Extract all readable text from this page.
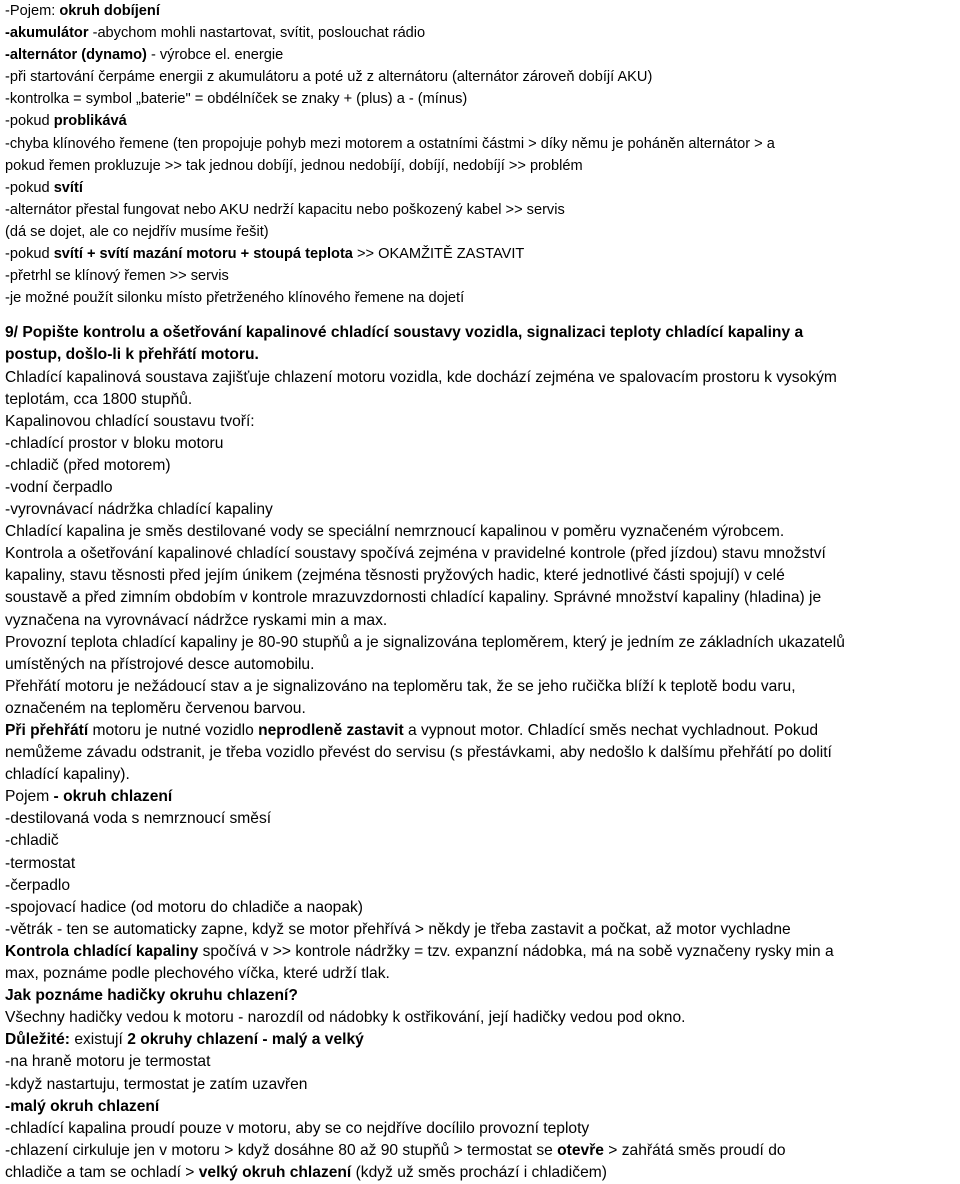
-Pojem: okruh dobíjení
-akumulátor -abychom mohli nastartovat, svítit, poslouchat rádio
-alternátor (dynamo) - výrobce el. energie
-při startování čerpáme energii z akumulátoru a poté už z alternátoru (alternátor zároveň dobíjí AKU)
-kontrolka = symbol „baterie" = obdélníček se znaky + (plus) a - (mínus)
-pokud problikává
-chyba klínového řemene (ten propojuje pohyb mezi motorem a ostatními částmi > díky němu je poháněn alternátor > a
pokud řemen prokluzuje >> tak jednou dobíjí, jednou nedobíjí, dobíjí, nedobíjí >> problém
-pokud svítí
-alternátor přestal fungovat nebo AKU nedrží kapacitu nebo poškozený kabel >> servis
(dá se dojet, ale co nejdřív musíme řešit)
-pokud svítí + svítí mazání motoru + stoupá teplota >> OKAMŽITĚ ZASTAVIT
-přetrhl se klínový řemen >> servis
-je možné použít silonku místo přetrženého klínového řemene na dojetí
9/ Popište kontrolu a ošetřování kapalinové chladící soustavy vozidla, signalizaci teploty chladící kapaliny a
postup, došlo-li k přehřátí motoru.
Chladící kapalinová soustava zajišťuje chlazení motoru vozidla, kde dochází zejména ve spalovacím prostoru k vysokým
teplotám, cca 1800 stupňů.
Kapalinovou chladící soustavu tvoří:
-chladící prostor v bloku motoru
-chladič (před motorem)
-vodní čerpadlo
-vyrovnávací nádržka chladící kapaliny
Chladící kapalina je směs destilované vody se speciální nemrznoucí kapalinou v poměru vyznačeném výrobcem.
Kontrola a ošetřování kapalinové chladící soustavy spočívá zejména v pravidelné kontrole (před jízdou) stavu množství
kapaliny, stavu těsnosti před jejím únikem (zejména těsnosti pryžových hadic, které jednotlivé části spojují) v celé
soustavě a před zimním obdobím v kontrole mrazuvzdornosti chladící kapaliny. Správné množství kapaliny (hladina) je
vyznačena na vyrovnávací nádržce ryskami min a max.
Provozní teplota chladící kapaliny je 80-90 stupňů a je signalizována teploměrem, který je jedním ze základních ukazatelů
umístěných na přístrojové desce automobilu.
Přehřátí motoru je nežádoucí stav a je signalizováno na teploměru tak, že se jeho ručička blíží k teplotě bodu varu,
označeném na teploměru červenou barvou.
Při přehřátí motoru je nutné vozidlo neprodleně zastavit a vypnout motor. Chladící směs nechat vychladnout. Pokud
nemůžeme závadu odstranit, je třeba vozidlo převést do servisu (s přestávkami, aby nedošlo k dalšímu přehřátí po dolití
chladící kapaliny).
Pojem - okruh chlazení
-destilovaná voda s nemrznoucí směsí
-chladič
-termostat
-čerpadlo
-spojovací hadice (od motoru do chladiče a naopak)
-větrák - ten se automaticky zapne, když se motor přehřívá > někdy je třeba zastavit a počkat, až motor vychladne
Kontrola chladící kapaliny spočívá v >> kontrole nádržky = tzv. expanzní nádobka, má na sobě vyznačeny rysky min a
max, poznáme podle plechového víčka, které udrží tlak.
Jak poznáme hadičky okruhu chlazení?
Všechny hadičky vedou k motoru - narozdíl od nádobky k ostřikování, její hadičky vedou pod okno.
Důležité: existují 2 okruhy chlazení - malý a velký
-na hraně motoru je termostat
-když nastartuju, termostat je zatím uzavřen
-malý okruh chlazení
-chladící kapalina proudí pouze v motoru, aby se co nejdříve docílilo provozní teploty
-chlazení cirkuluje jen v motoru > když dosáhne 80 až 90 stupňů > termostat se otevře > zahřátá směs proudí do
chladiče a tam se ochladí > velký okruh chlazení (když už směs prochází i chladičem)
